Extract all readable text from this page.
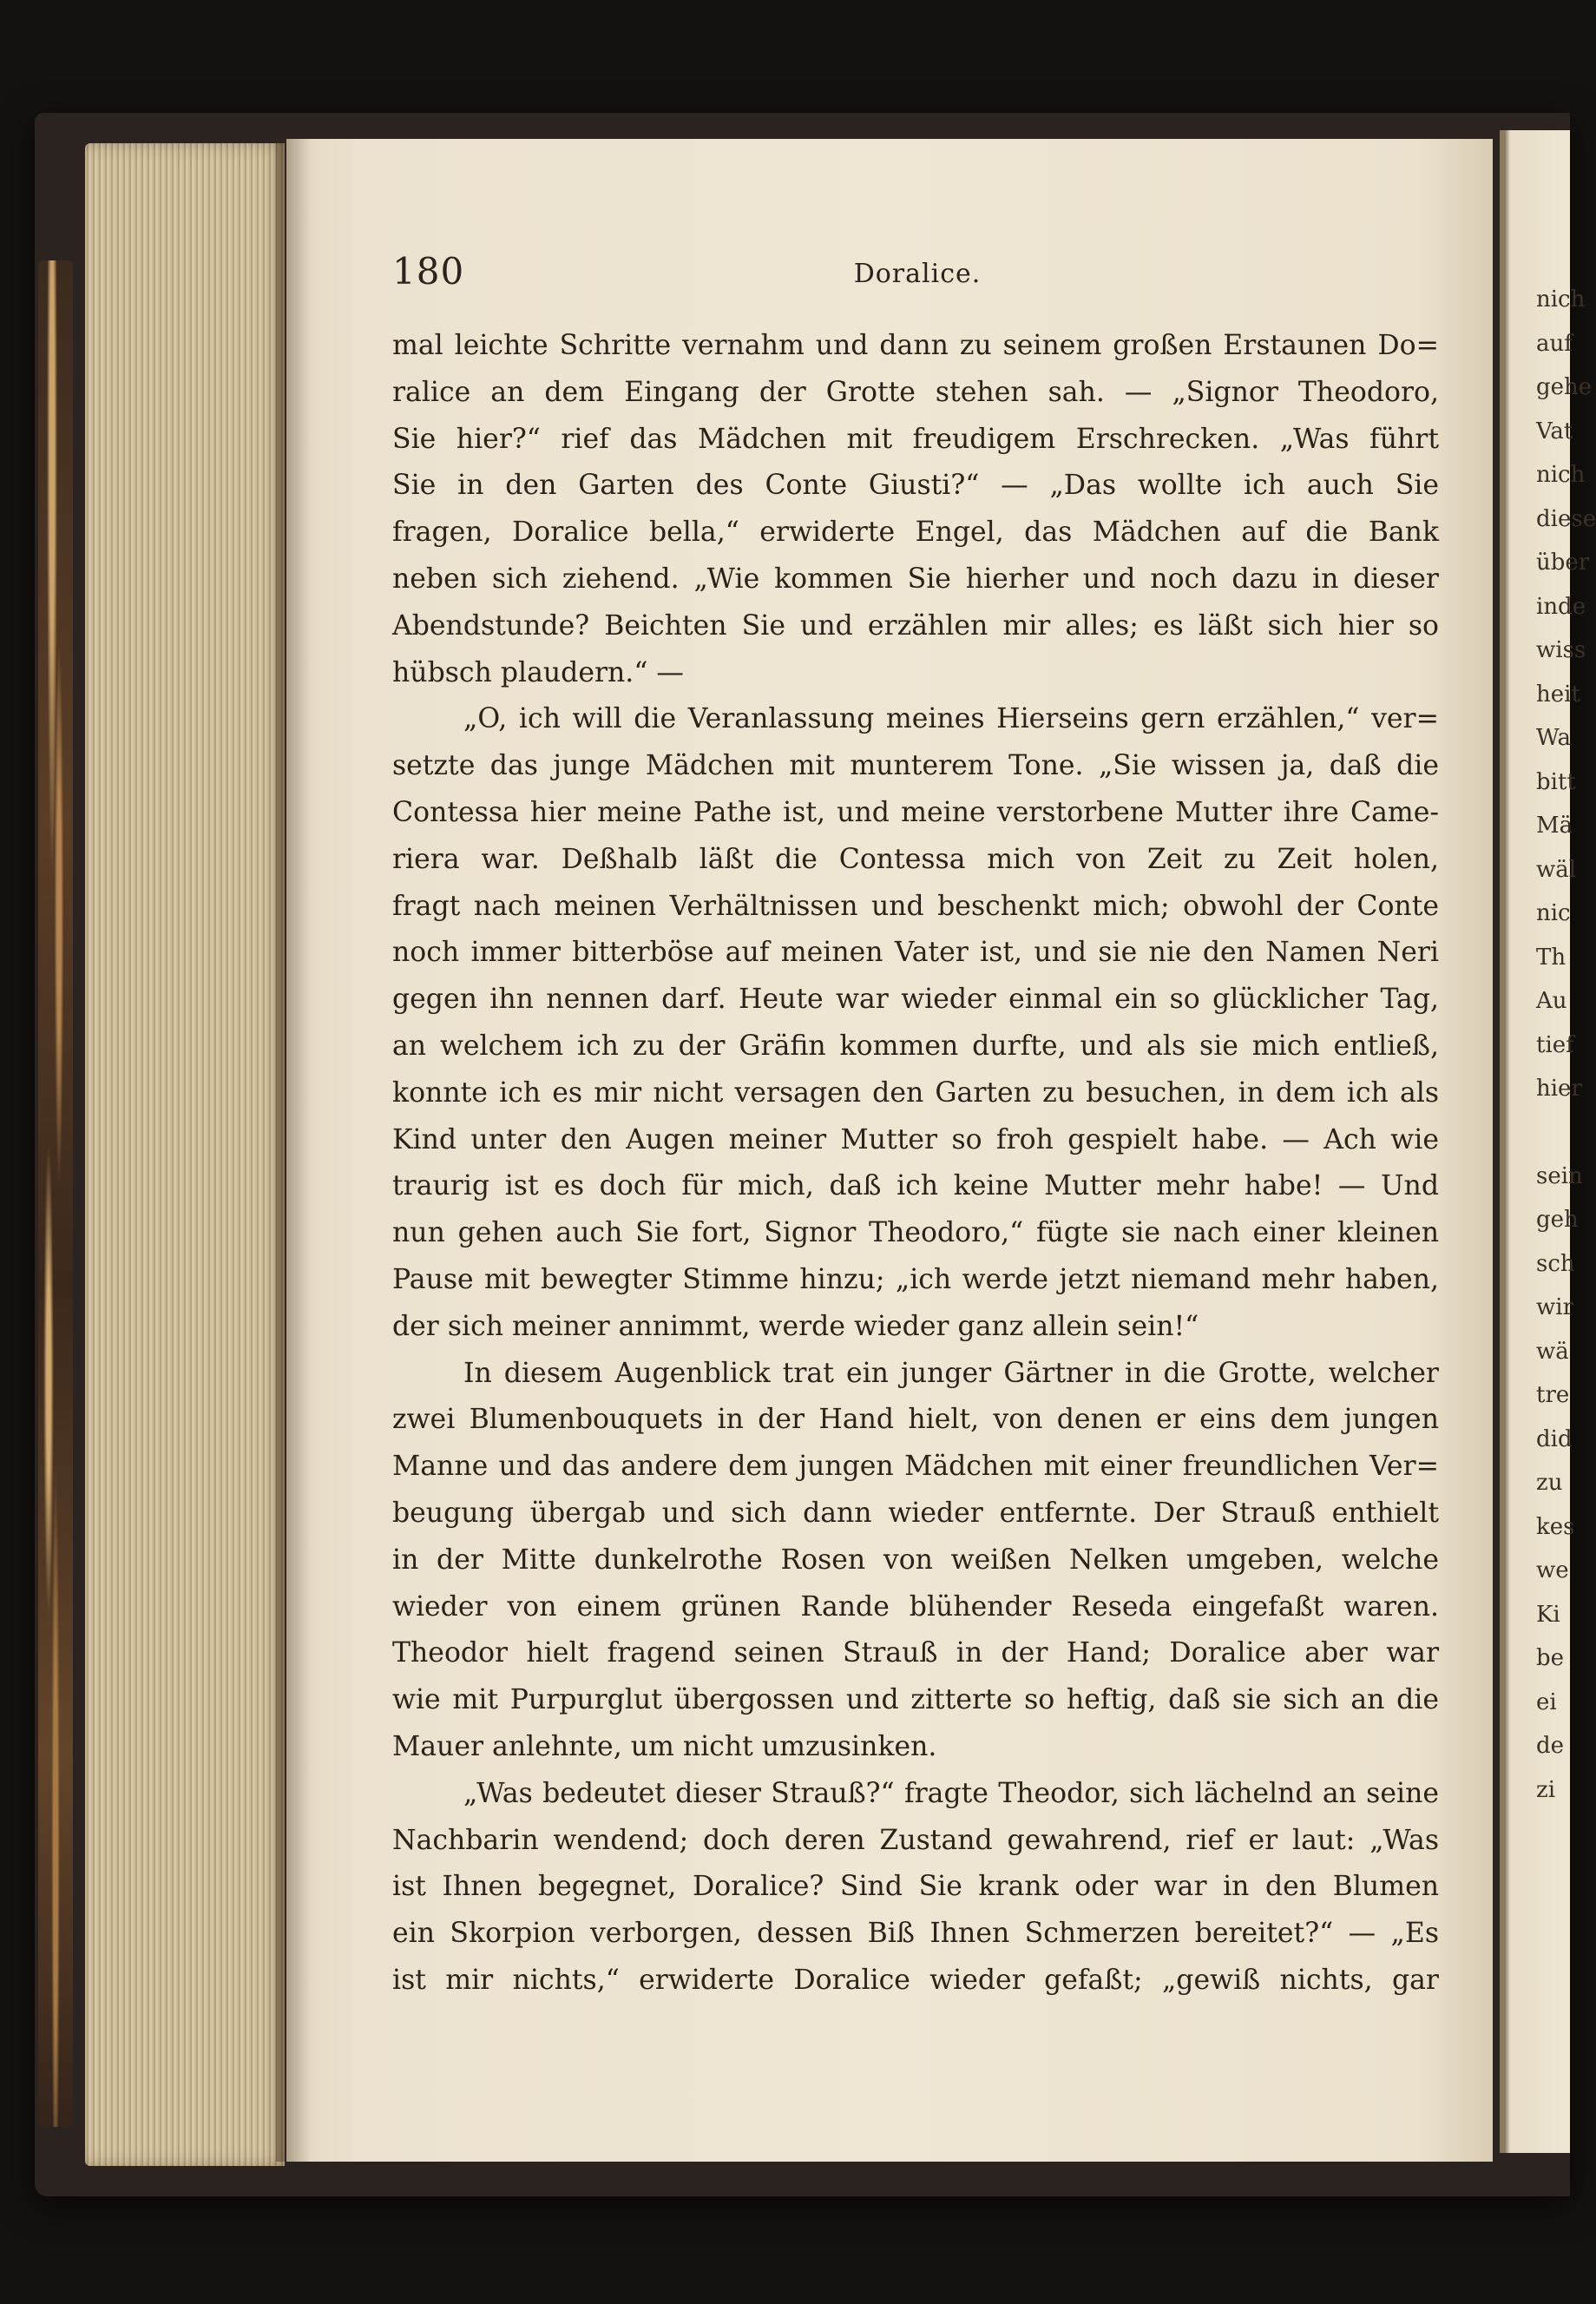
nich
auf
gehe
Vat
nich
diese
über
inde
wiss
heit
Wa
bitt
Mä
wäl
nic
Th
Au
tief
hier
sein
geh
sch
wir
wä
tre
did
zu
kes
we
Ki
be
ei
de
zi
180	Doralice.
mal leichte Schritte vernahm und dann zu seinem großen Erstaunen Do=
ralice an dem Eingang der Grotte stehen sah. — „Signor Theodoro,
Sie hier?“ rief das Mädchen mit freudigem Erschrecken. „Was führt
Sie in den Garten des Conte Giusti?“ — „Das wollte ich auch Sie
fragen, Doralice bella,“ erwiderte Engel, das Mädchen auf die Bank
neben sich ziehend. „Wie kommen Sie hierher und noch dazu in dieser
Abendstunde? Beichten Sie und erzählen mir alles; es läßt sich hier so
hübsch plaudern.“ —
„O, ich will die Veranlassung meines Hierseins gern erzählen,“ ver=
setzte das junge Mädchen mit munterem Tone. „Sie wissen ja, daß die
Contessa hier meine Pathe ist, und meine verstorbene Mutter ihre Came-
riera war. Deßhalb läßt die Contessa mich von Zeit zu Zeit holen,
fragt nach meinen Verhältnissen und beschenkt mich; obwohl der Conte
noch immer bitterböse auf meinen Vater ist, und sie nie den Namen Neri
gegen ihn nennen darf. Heute war wieder einmal ein so glücklicher Tag,
an welchem ich zu der Gräfin kommen durfte, und als sie mich entließ,
konnte ich es mir nicht versagen den Garten zu besuchen, in dem ich als
Kind unter den Augen meiner Mutter so froh gespielt habe. — Ach wie
traurig ist es doch für mich, daß ich keine Mutter mehr habe! — Und
nun gehen auch Sie fort, Signor Theodoro,“ fügte sie nach einer kleinen
Pause mit bewegter Stimme hinzu; „ich werde jetzt niemand mehr haben,
der sich meiner annimmt, werde wieder ganz allein sein!“
In diesem Augenblick trat ein junger Gärtner in die Grotte, welcher
zwei Blumenbouquets in der Hand hielt, von denen er eins dem jungen
Manne und das andere dem jungen Mädchen mit einer freundlichen Ver=
beugung übergab und sich dann wieder entfernte. Der Strauß enthielt
in der Mitte dunkelrothe Rosen von weißen Nelken umgeben, welche
wieder von einem grünen Rande blühender Reseda eingefaßt waren.
Theodor hielt fragend seinen Strauß in der Hand; Doralice aber war
wie mit Purpurglut übergossen und zitterte so heftig, daß sie sich an die
Mauer anlehnte, um nicht umzusinken.
„Was bedeutet dieser Strauß?“ fragte Theodor, sich lächelnd an seine
Nachbarin wendend; doch deren Zustand gewahrend, rief er laut: „Was
ist Ihnen begegnet, Doralice? Sind Sie krank oder war in den Blumen
ein Skorpion verborgen, dessen Biß Ihnen Schmerzen bereitet?“ — „Es
ist mir nichts,“ erwiderte Doralice wieder gefaßt; „gewiß nichts, gar
